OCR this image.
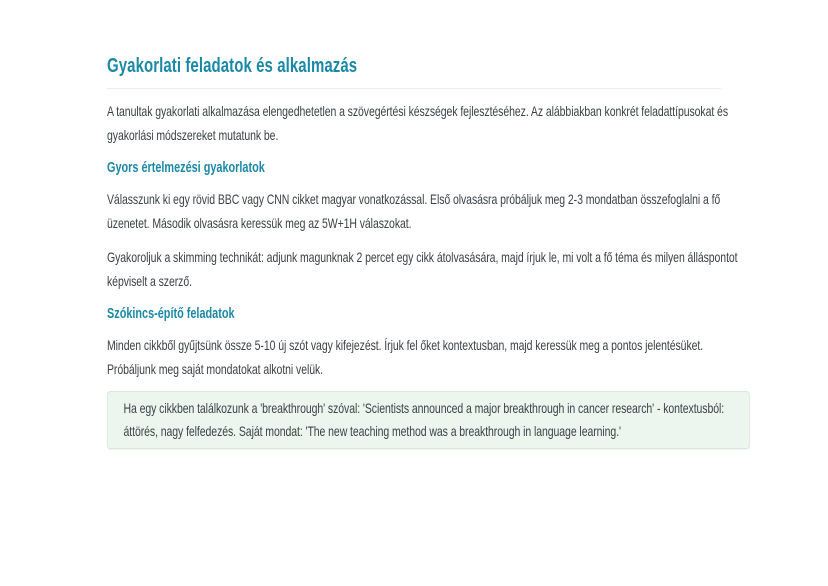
Gyakorlati feladatok és alkalmazás

A tanultak gyakorlati alkalmazása elengedhetetlen a szövegértési készségek fejlesztéséhez. Az alábbiakban konkrét feladattípusokat és gyakorlási módszereket mutatunk be.

Gyors értelmezési gyakorlatok

Válasszunk ki egy rövid BBC vagy CNN cikket magyar vonatkozással. Első olvasásra próbáljuk meg 2-3 mondatban összefoglalni a fő üzenetet. Második olvasásra keressük meg az 5W+1H válaszokat.

Gyakoroljuk a skimming technikát: adjunk magunknak 2 percet egy cikk átolvasására, majd írjuk le, mi volt a fő téma és milyen álláspontot képviselt a szerző.

Szókincs-építő feladatok

Minden cikkből gyűjtsünk össze 5-10 új szót vagy kifejezést. Írjuk fel őket kontextusban, majd keressük meg a pontos jelentésüket. Próbáljunk meg saját mondatokat alkotni velük.

Ha egy cikkben találkozunk a 'breakthrough' szóval: 'Scientists announced a major breakthrough in cancer research' - kontextusból: áttörés, nagy felfedezés. Saját mondat: 'The new teaching method was a breakthrough in language learning.'
